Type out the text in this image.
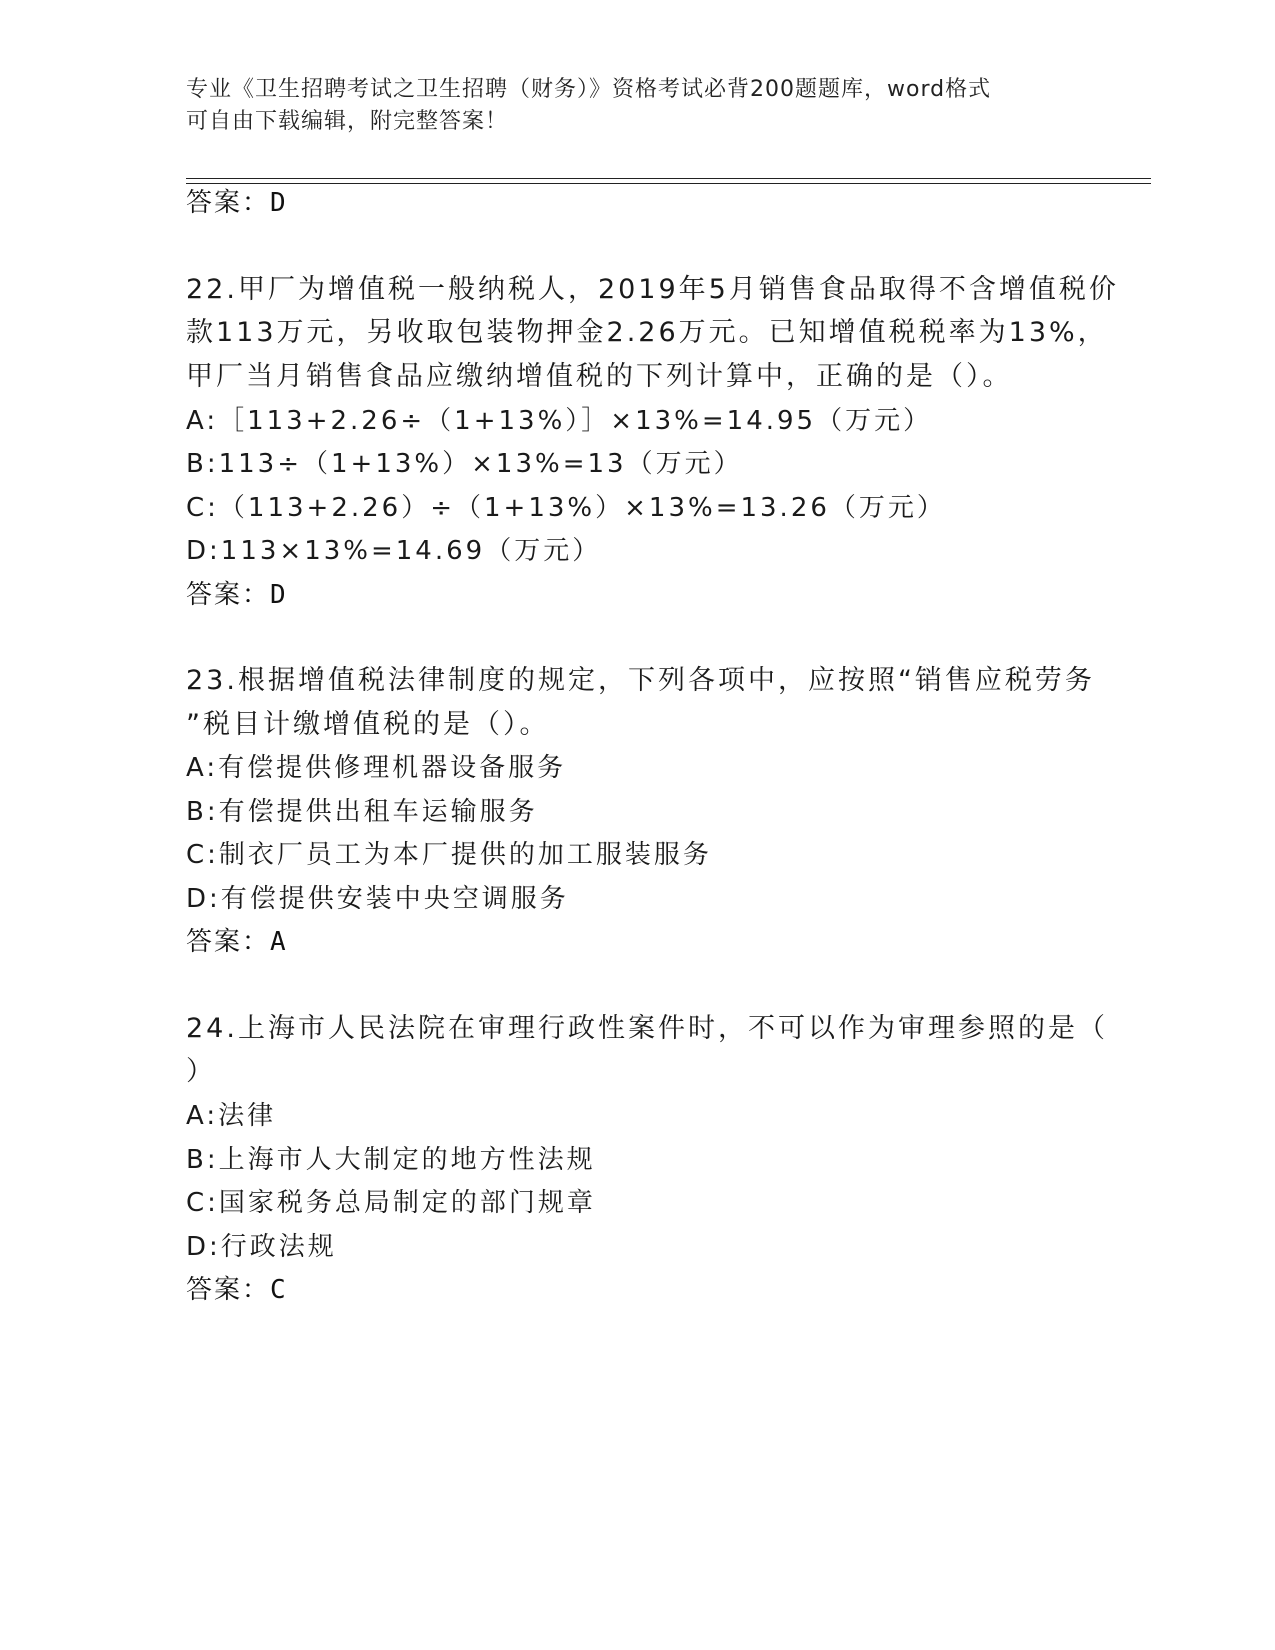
专业《卫生招聘考试之卫生招聘（财务）》资格考试必背200题题库，word格式
可自由下载编辑，附完整答案！
答案：D
22.甲厂为增值税一般纳税人，2019年5月销售食品取得不含增值税价
款113万元，另收取包装物押金2.26万元。已知增值税税率为13%，
甲厂当月销售食品应缴纳增值税的下列计算中，正确的是（）。
A:［113+2.26÷（1+13%）］×13%=14.95（万元）
B:113÷（1+13%）×13%=13（万元）
C:（113+2.26）÷（1+13%）×13%=13.26（万元）
D:113×13%=14.69（万元）
答案：D
23.根据增值税法律制度的规定，下列各项中，应按照“销售应税劳务
”税目计缴增值税的是（）。
A:有偿提供修理机器设备服务
B:有偿提供出租车运输服务
C:制衣厂员工为本厂提供的加工服装服务
D:有偿提供安装中央空调服务
答案：A
24.上海市人民法院在审理行政性案件时，不可以作为审理参照的是（
）
A:法律
B:上海市人大制定的地方性法规
C:国家税务总局制定的部门规章
D:行政法规
答案：C
